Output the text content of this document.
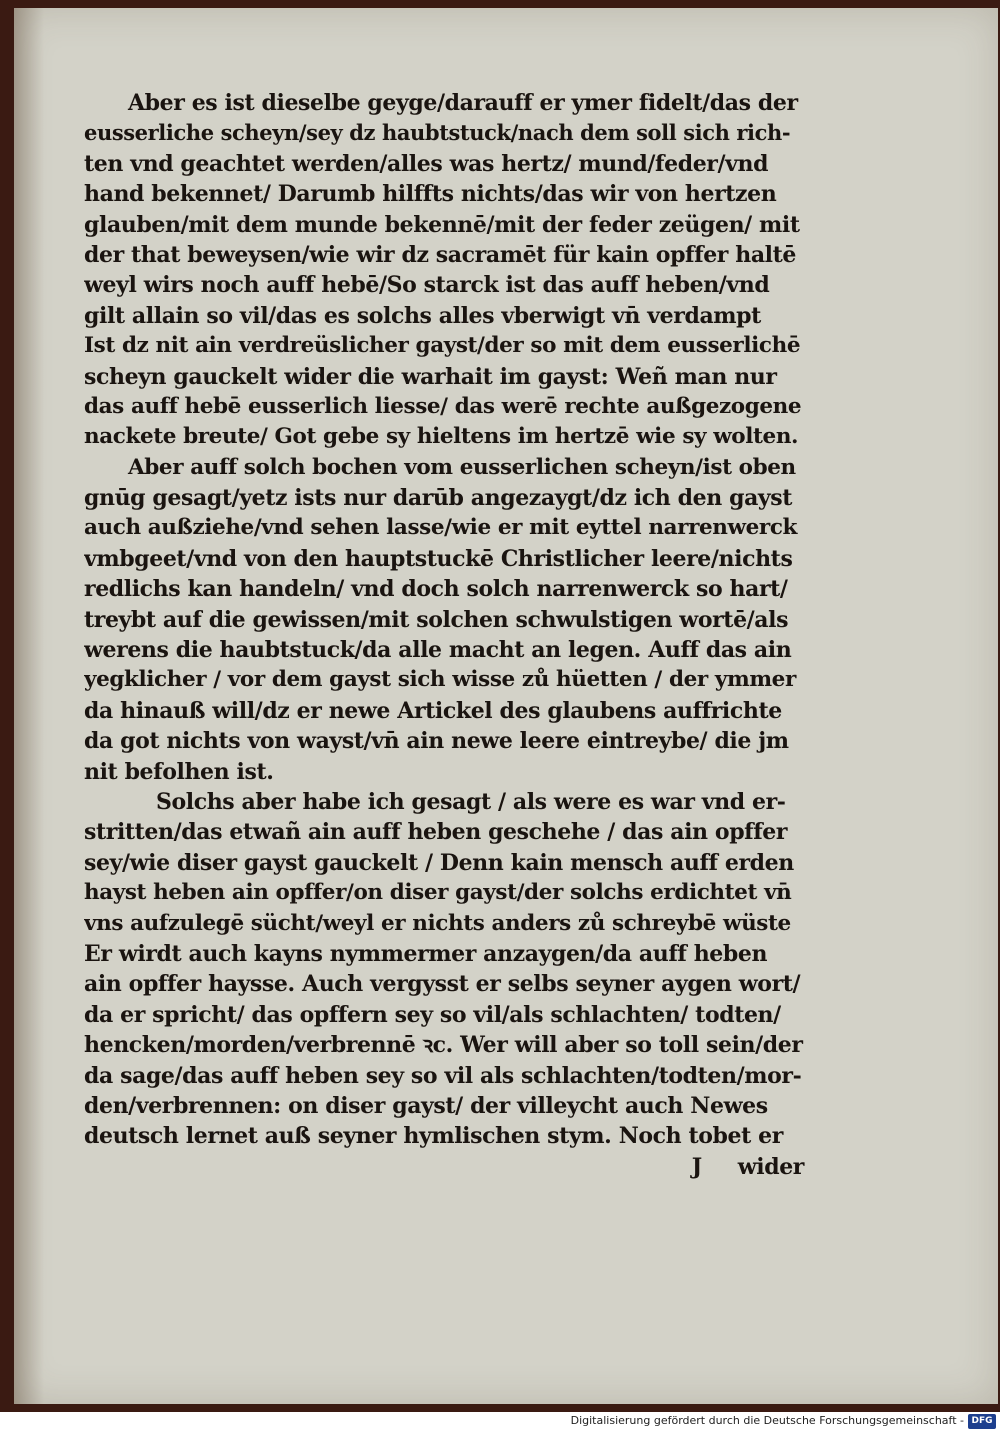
Aber es ist dieselbe geyge/darauff er ymer fidelt/das der
eusserliche scheyn/sey dz haubtstuck/nach dem soll sich rich-
ten vnd geachtet werden/alles was hertz/ mund/feder/vnd
hand bekennet/ Darumb hilffts nichts/das wir von hertzen
glauben/mit dem munde bekennē/mit der feder zeügen/ mit
der that beweysen/wie wir dz sacramēt für kain opffer haltē
weyl wirs noch auff hebē/So starck ist das auff heben/vnd
gilt allain so vil/das es solchs alles vberwigt vn̄ verdampt
Ist dz nit ain verdreüslicher gayst/der so mit dem eusserlichē
scheyn gauckelt wider die warhait im gayst: Weñ man nur
das auff hebē eusserlich liesse/ das werē rechte außgezogene
nackete breute/ Got gebe sy hieltens im hertzē wie sy wolten.
Aber auff solch bochen vom eusserlichen scheyn/ist oben
gnūg gesagt/yetz ists nur darūb angezaygt/dz ich den gayst
auch außziehe/vnd sehen lasse/wie er mit eyttel narrenwerck
vmbgeet/vnd von den hauptstuckē Christlicher leere/nichts
redlichs kan handeln/ vnd doch solch narrenwerck so hart/
treybt auf die gewissen/mit solchen schwulstigen wortē/als
werens die haubtstuck/da alle macht an legen. Auff das ain
yegklicher / vor dem gayst sich wisse zů hüetten / der ymmer
da hinauß will/dz er newe Artickel des glaubens auffrichte
da got nichts von wayst/vn̄ ain newe leere eintreybe/ die jm
nit befolhen ist.
Solchs aber habe ich gesagt / als were es war vnd er-
stritten/das etwañ ain auff heben geschehe / das ain opffer
sey/wie diser gayst gauckelt / Denn kain mensch auff erden
hayst heben ain opffer/on diser gayst/der solchs erdichtet vn̄
vns aufzulegē sücht/weyl er nichts anders zů schreybē wüste
Er wirdt auch kayns nymmermer anzaygen/da auff heben
ain opffer haysse. Auch vergysst er selbs seyner aygen wort/
da er spricht/ das opffern sey so vil/als schlachten/ todten/
hencken/morden/verbrennē ꝛc. Wer will aber so toll sein/der
da sage/das auff heben sey so vil als schlachten/todten/mor-
den/verbrennen: on diser gayst/ der villeycht auch Newes
deutsch lernet auß seyner hymlischen stym. Noch tobet er
J wider
Digitalisierung gefördert durch die Deutsche Forschungsgemeinschaft - DFG
